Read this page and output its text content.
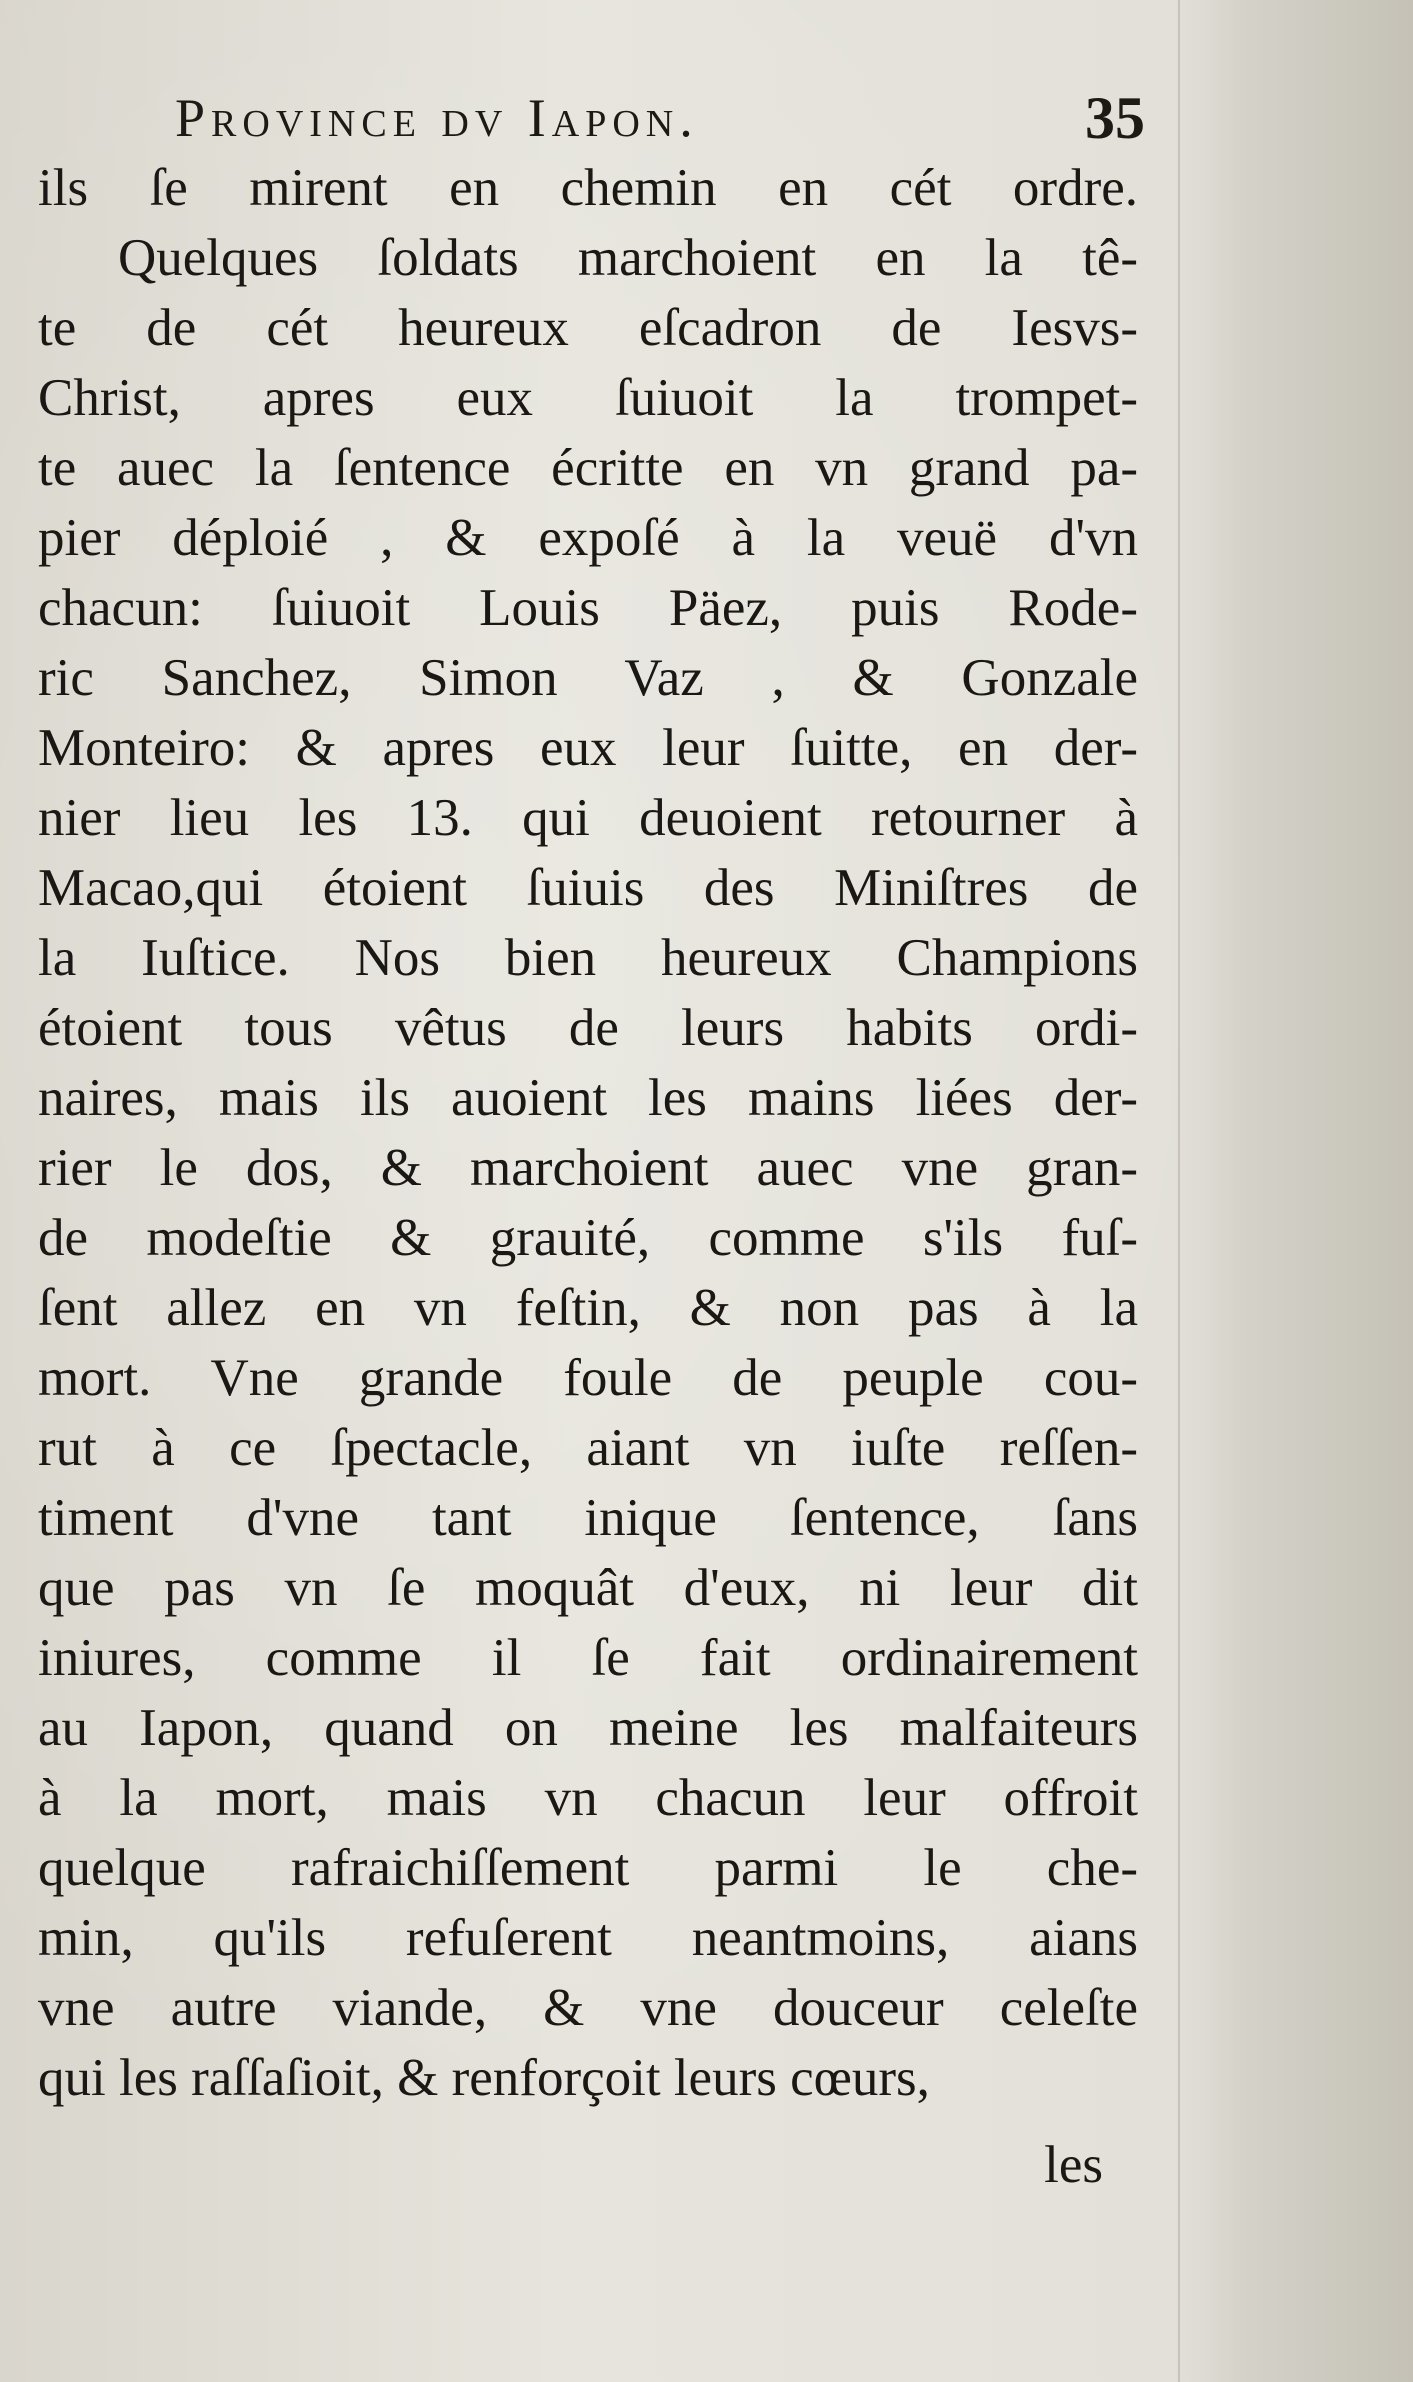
Province dv Iapon.	35
ils ſe mirent en chemin en cét ordre.
Quelques ſoldats marchoient en la tê-
te de cét heureux eſcadron de Iesvs-
Christ, apres eux ſuiuoit la trompet-
te auec la ſentence écritte en vn grand pa-
pier déploié , & expoſé à la veuë d'vn
chacun: ſuiuoit Louis Päez, puis Rode-
ric Sanchez, Simon Vaz , & Gonzale
Monteiro: & apres eux leur ſuitte, en der-
nier lieu les 13. qui deuoient retourner à
Macao,qui étoient ſuiuis des Miniſtres de
la Iuſtice. Nos bien heureux Champions
étoient tous vêtus de leurs habits ordi-
naires, mais ils auoient les mains liées der-
rier le dos, & marchoient auec vne gran-
de modeſtie & grauité, comme s'ils fuſ-
ſent allez en vn feſtin, & non pas à la
mort. Vne grande foule de peuple cou-
rut à ce ſpectacle, aiant vn iuſte reſſen-
timent d'vne tant inique ſentence, ſans
que pas vn ſe moquât d'eux, ni leur dit
iniures, comme il ſe fait ordinairement
au Iapon, quand on meine les malfaiteurs
à la mort, mais vn chacun leur offroit
quelque rafraichiſſement parmi le che-
min, qu'ils refuſerent neantmoins, aians
vne autre viande, & vne douceur celeſte
qui les raſſaſioit, & renforçoit leurs cœurs,
les
